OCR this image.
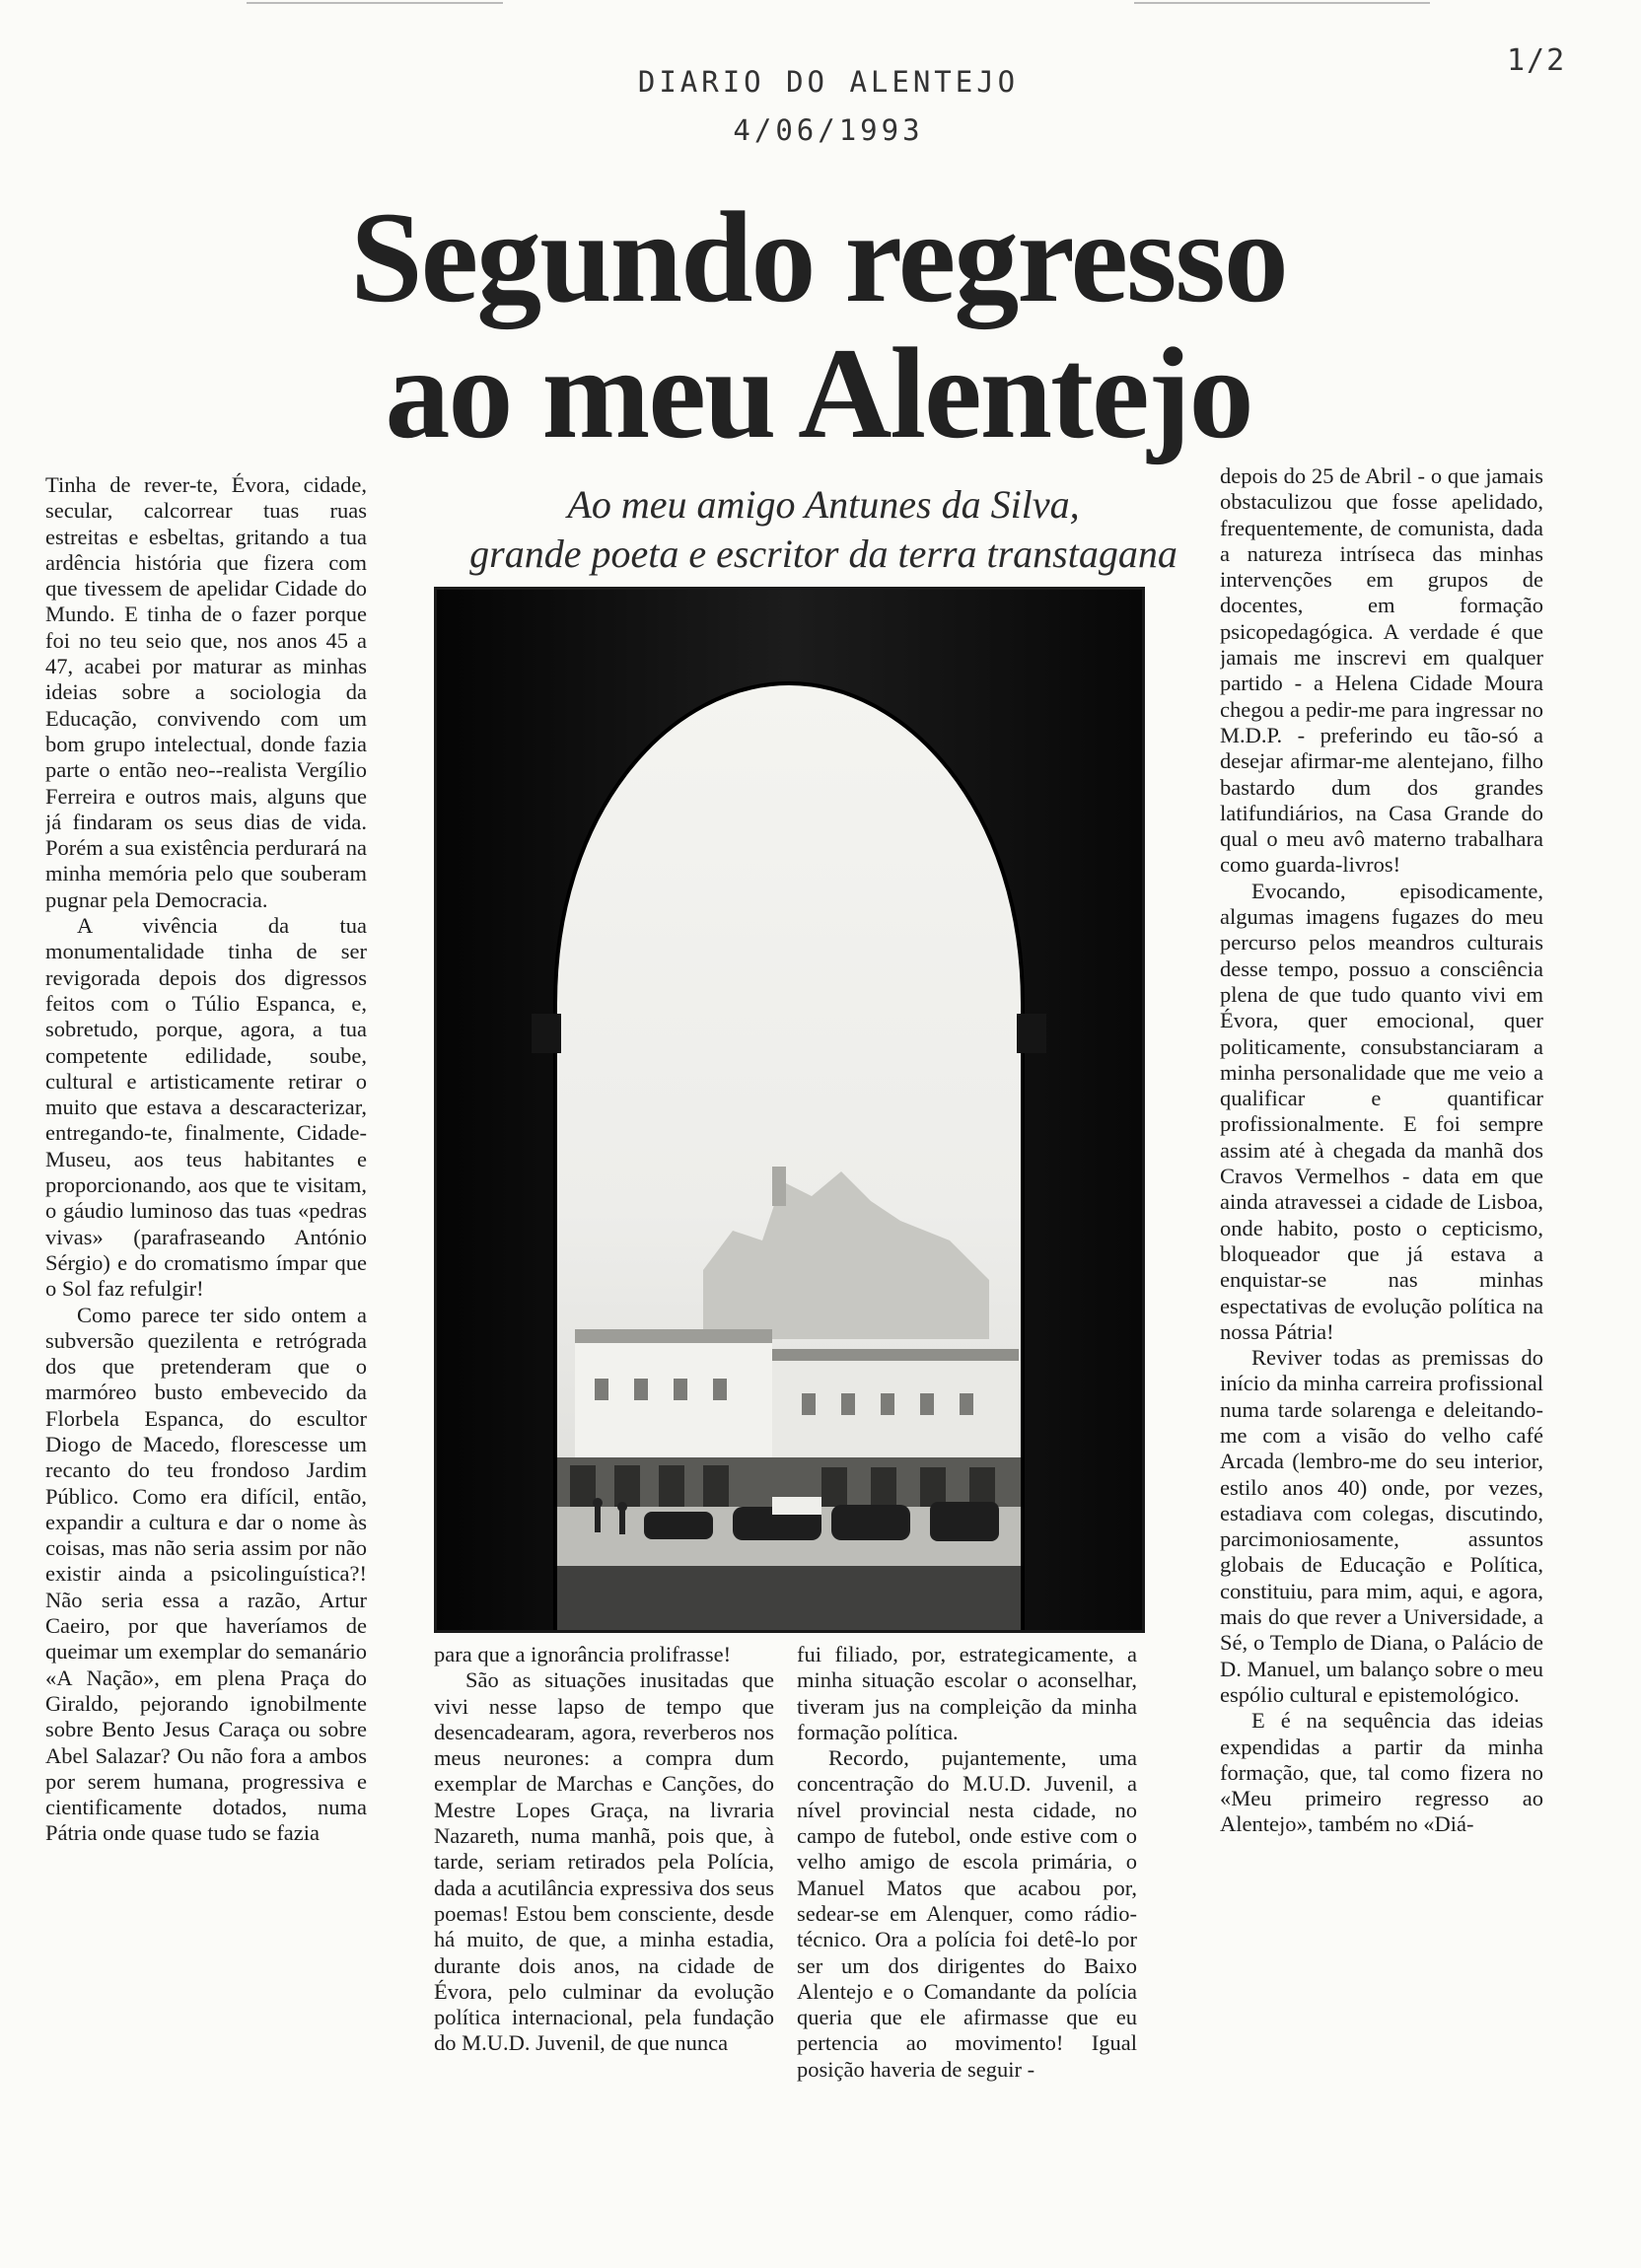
DIARIO DO ALENTEJO
4/06/1993
1/2
Segundo regresso
ao meu Alentejo
Ao meu amigo Antunes da Silva,
grande poeta e escritor da terra transtagana

Tinha de rever-te, Évora, cidade, secular, calcorrear tuas ruas estreitas e esbeltas, gritando a tua ardência história que fizera com que tivessem de apelidar Cidade do Mundo. E tinha de o fazer porque foi no teu seio que, nos anos 45 a 47, acabei por maturar as minhas ideias sobre a sociologia da Educação, convivendo com um bom grupo intelectual, donde fazia parte o então neo--realista Vergílio Ferreira e outros mais, alguns que já findaram os seus dias de vida. Porém a sua existência perdurará na minha memória pelo que souberam pugnar pela Democracia.

A vivência da tua monumentalidade tinha de ser revigorada depois dos digressos feitos com o Túlio Espanca, e, sobretudo, porque, agora, a tua competente edilidade, soube, cultural e artisticamente retirar o muito que estava a descaracterizar, entregando-te, finalmente, Cidade-Museu, aos teus habitantes e proporcionando, aos que te visitam, o gáudio luminoso das tuas «pedras vivas» (parafraseando António Sérgio) e do cromatismo ímpar que o Sol faz refulgir!

Como parece ter sido ontem a subversão quezilenta e retrógrada dos que pretenderam que o marmóreo busto embevecido da Florbela Espanca, do escultor Diogo de Macedo, florescesse um recanto do teu frondoso Jardim Público. Como era difícil, então, expandir a cultura e dar o nome às coisas, mas não seria assim por não existir ainda a psicolinguística?! Não seria essa a razão, Artur Caeiro, por que haveríamos de queimar um exemplar do semanário «A Nação», em plena Praça do Giraldo, pejorando ignobilmente sobre Bento Jesus Caraça ou sobre Abel Salazar? Ou não fora a ambos por serem humana, progressiva e cientificamente dotados, numa Pátria onde quase tudo se fazia

para que a ignorância prolifrasse!

São as situações inusitadas que vivi nesse lapso de tempo que desencadearam, agora, reverberos nos meus neurones: a compra dum exemplar de Marchas e Canções, do Mestre Lopes Graça, na livraria Nazareth, numa manhã, pois que, à tarde, seriam retirados pela Polícia, dada a acutilância expressiva dos seus poemas! Estou bem consciente, desde há muito, de que, a minha estadia, durante dois anos, na cidade de Évora, pelo culminar da evolução política internacional, pela fundação do M.U.D. Juvenil, de que nunca

fui filiado, por, estrategicamente, a minha situação escolar o aconselhar, tiveram jus na compleição da minha formação política.

Recordo, pujantemente, uma concentração do M.U.D. Juvenil, a nível provincial nesta cidade, no campo de futebol, onde estive com o velho amigo de escola primária, o Manuel Matos que acabou por, sedear-se em Alenquer, como rádio-técnico. Ora a polícia foi detê-lo por ser um dos dirigentes do Baixo Alentejo e o Comandante da polícia queria que ele afirmasse que eu pertencia ao movimento! Igual posição haveria de seguir -

depois do 25 de Abril - o que jamais obstaculizou que fosse apelidado, frequentemente, de comunista, dada a natureza intríseca das minhas intervenções em grupos de docentes, em formação psicopedagógica. A verdade é que jamais me inscrevi em qualquer partido - a Helena Cidade Moura chegou a pedir-me para ingressar no M.D.P. - preferindo eu tão-só a desejar afirmar-me alentejano, filho bastardo dum dos grandes latifundiários, na Casa Grande do qual o meu avô materno trabalhara como guarda-livros!

Evocando, episodicamente, algumas imagens fugazes do meu percurso pelos meandros culturais desse tempo, possuo a consciência plena de que tudo quanto vivi em Évora, quer emocional, quer politicamente, consubstanciaram a minha personalidade que me veio a qualificar e quantificar profissionalmente. E foi sempre assim até à chegada da manhã dos Cravos Vermelhos - data em que ainda atravessei a cidade de Lisboa, onde habito, posto o cepticismo, bloqueador que já estava a enquistar-se nas minhas espectativas de evolução política na nossa Pátria!

Reviver todas as premissas do início da minha carreira profissional numa tarde solarenga e deleitando-me com a visão do velho café Arcada (lembro-me do seu interior, estilo anos 40) onde, por vezes, estadiava com colegas, discutindo, parcimoniosamente, assuntos globais de Educação e Política, constituiu, para mim, aqui, e agora, mais do que rever a Universidade, a Sé, o Templo de Diana, o Palácio de D. Manuel, um balanço sobre o meu espólio cultural e epistemológico.

E é na sequência das ideias expendidas a partir da minha formação, que, tal como fizera no «Meu primeiro regresso ao Alentejo», também no «Diá-
